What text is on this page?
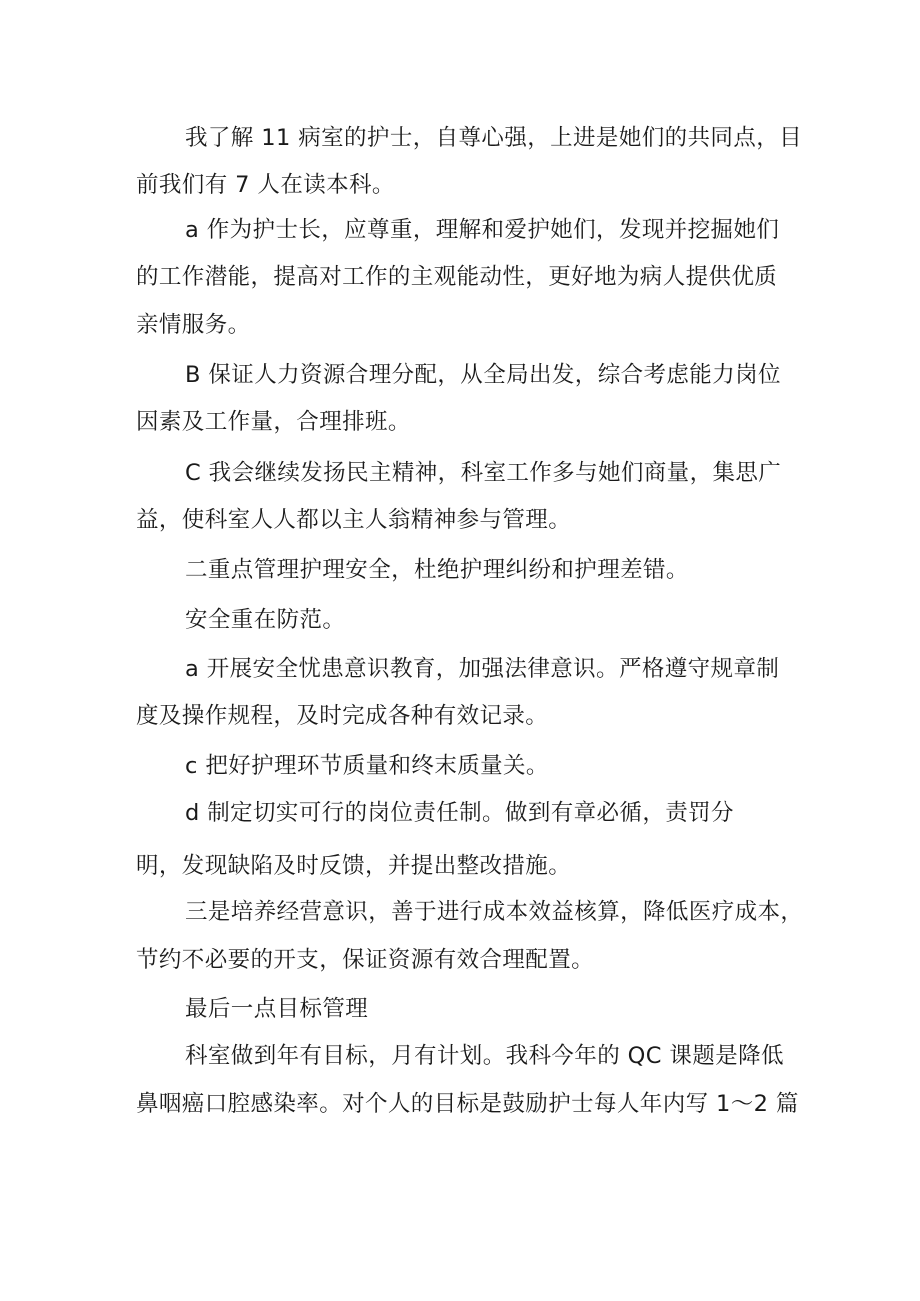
我了解 11 病室的护士，自尊心强，上进是她们的共同点，目
前我们有 7 人在读本科。
a 作为护士长，应尊重，理解和爱护她们，发现并挖掘她们
的工作潜能，提高对工作的主观能动性，更好地为病人提供优质
亲情服务。
B 保证人力资源合理分配，从全局出发，综合考虑能力岗位
因素及工作量，合理排班。
C 我会继续发扬民主精神，科室工作多与她们商量，集思广
益，使科室人人都以主人翁精神参与管理。
二重点管理护理安全，杜绝护理纠纷和护理差错。
安全重在防范。
a 开展安全忧患意识教育，加强法律意识。严格遵守规章制
度及操作规程，及时完成各种有效记录。
c 把好护理环节质量和终末质量关。
d 制定切实可行的岗位责任制。做到有章必循，责罚分
明，发现缺陷及时反馈，并提出整改措施。
三是培养经营意识，善于进行成本效益核算，降低医疗成本，
节约不必要的开支，保证资源有效合理配置。
最后一点目标管理
科室做到年有目标，月有计划。我科今年的 QC 课题是降低
鼻咽癌口腔感染率。对个人的目标是鼓励护士每人年内写 1〜2 篇
